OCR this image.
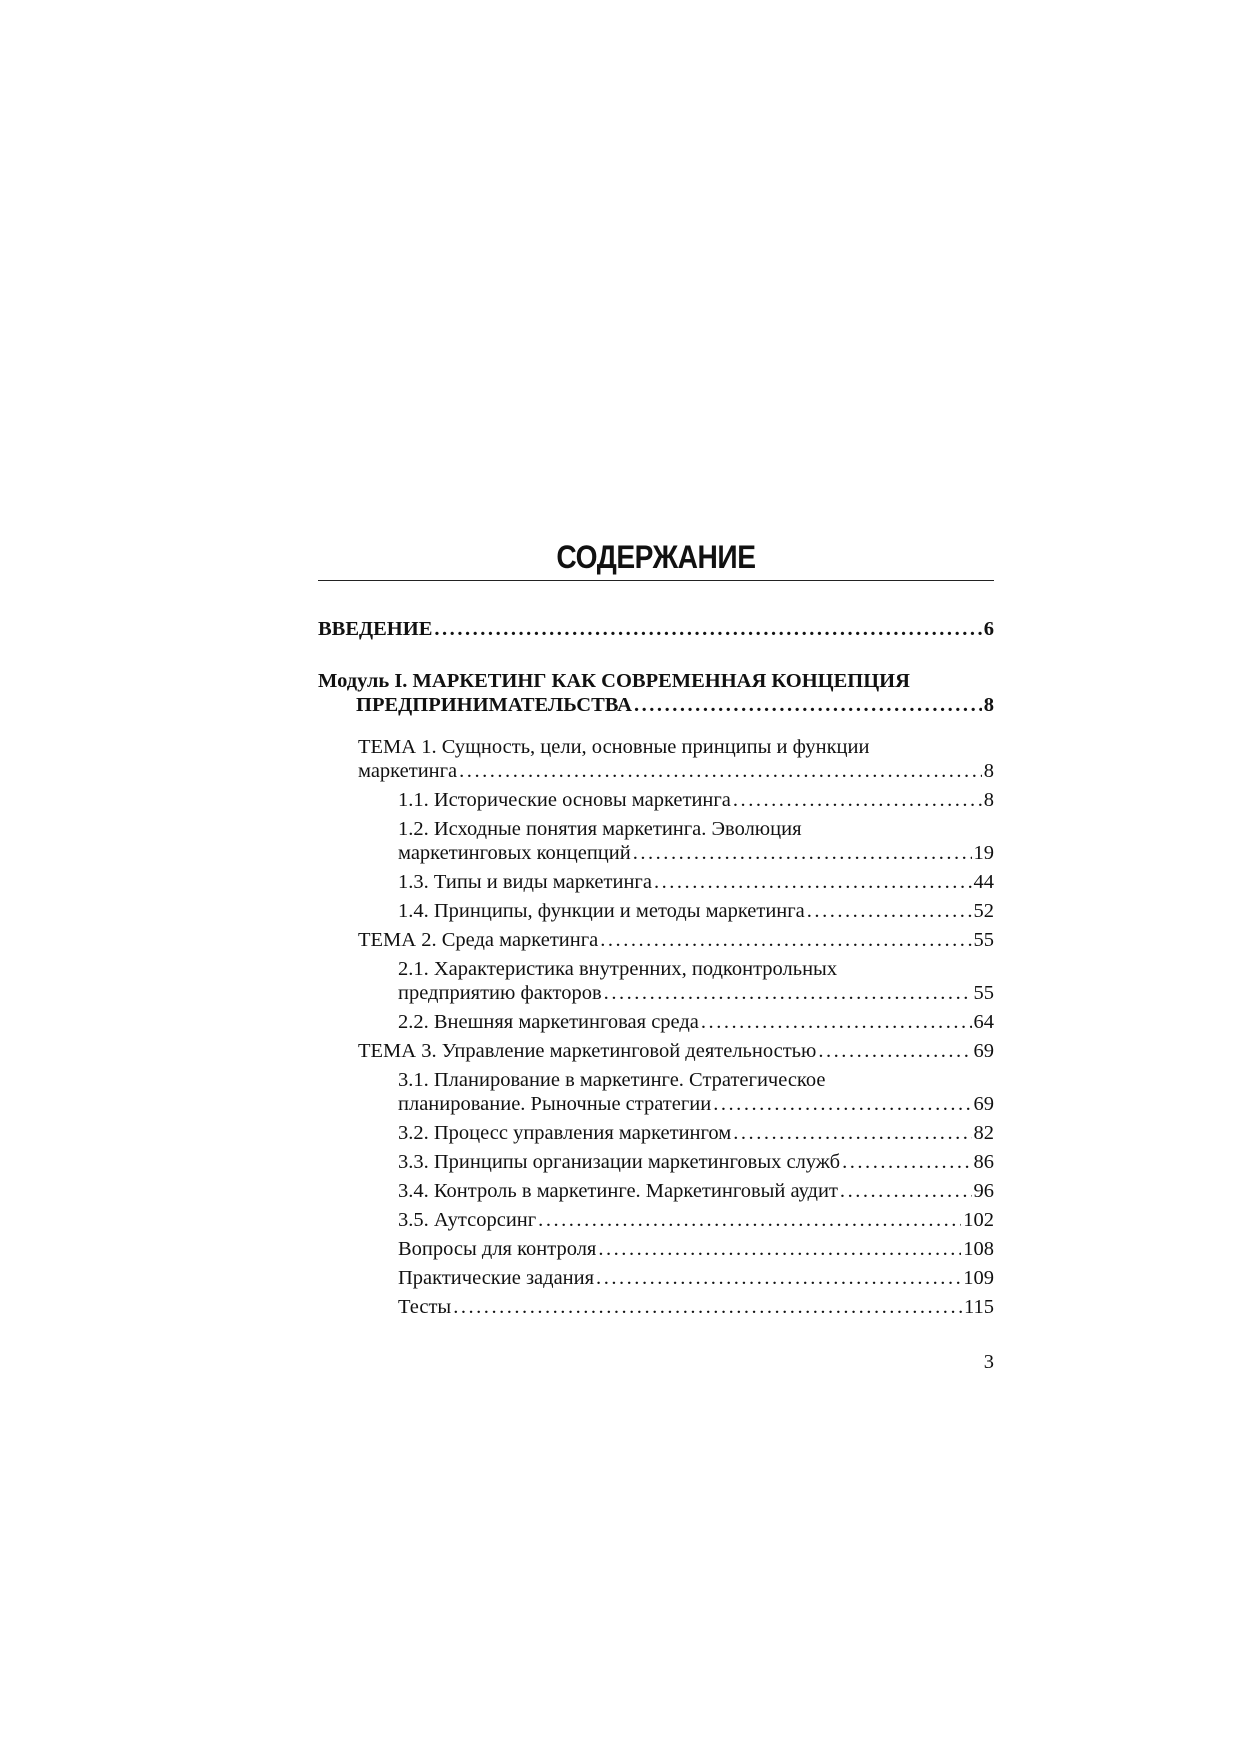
СОДЕРЖАНИЕ
ВВЕДЕНИЕ . . .	6
Модуль I. МАРКЕТИНГ КАК СОВРЕМЕННАЯ КОНЦЕПЦИЯ
ПРЕДПРИНИМАТЕЛЬСТВА . . .	8
ТЕМА 1. Сущность, цели, основные принципы и функции
маркетинга . . .	8
1.1. Исторические основы маркетинга . . .	8
1.2. Исходные понятия маркетинга. Эволюция
маркетинговых концепций . . .	19
1.3. Типы и виды маркетинга . . .	44
1.4. Принципы, функции и методы маркетинга . . .	52
ТЕМА 2. Среда маркетинга . . .	55
2.1. Характеристика внутренних, подконтрольных
предприятию факторов . . .	55
2.2. Внешняя маркетинговая среда . . .	64
ТЕМА 3. Управление маркетинговой деятельностью . . .	69
3.1. Планирование в маркетинге. Стратегическое
планирование. Рыночные стратегии . . .	69
3.2. Процесс управления маркетингом . . .	82
3.3. Принципы организации маркетинговых служб . . .	86
3.4. Контроль в маркетинге. Маркетинговый аудит . . .	96
3.5. Аутсорсинг . . .	102
Вопросы для контроля . . .	108
Практические задания . . .	109
Тесты . . .	115
3
